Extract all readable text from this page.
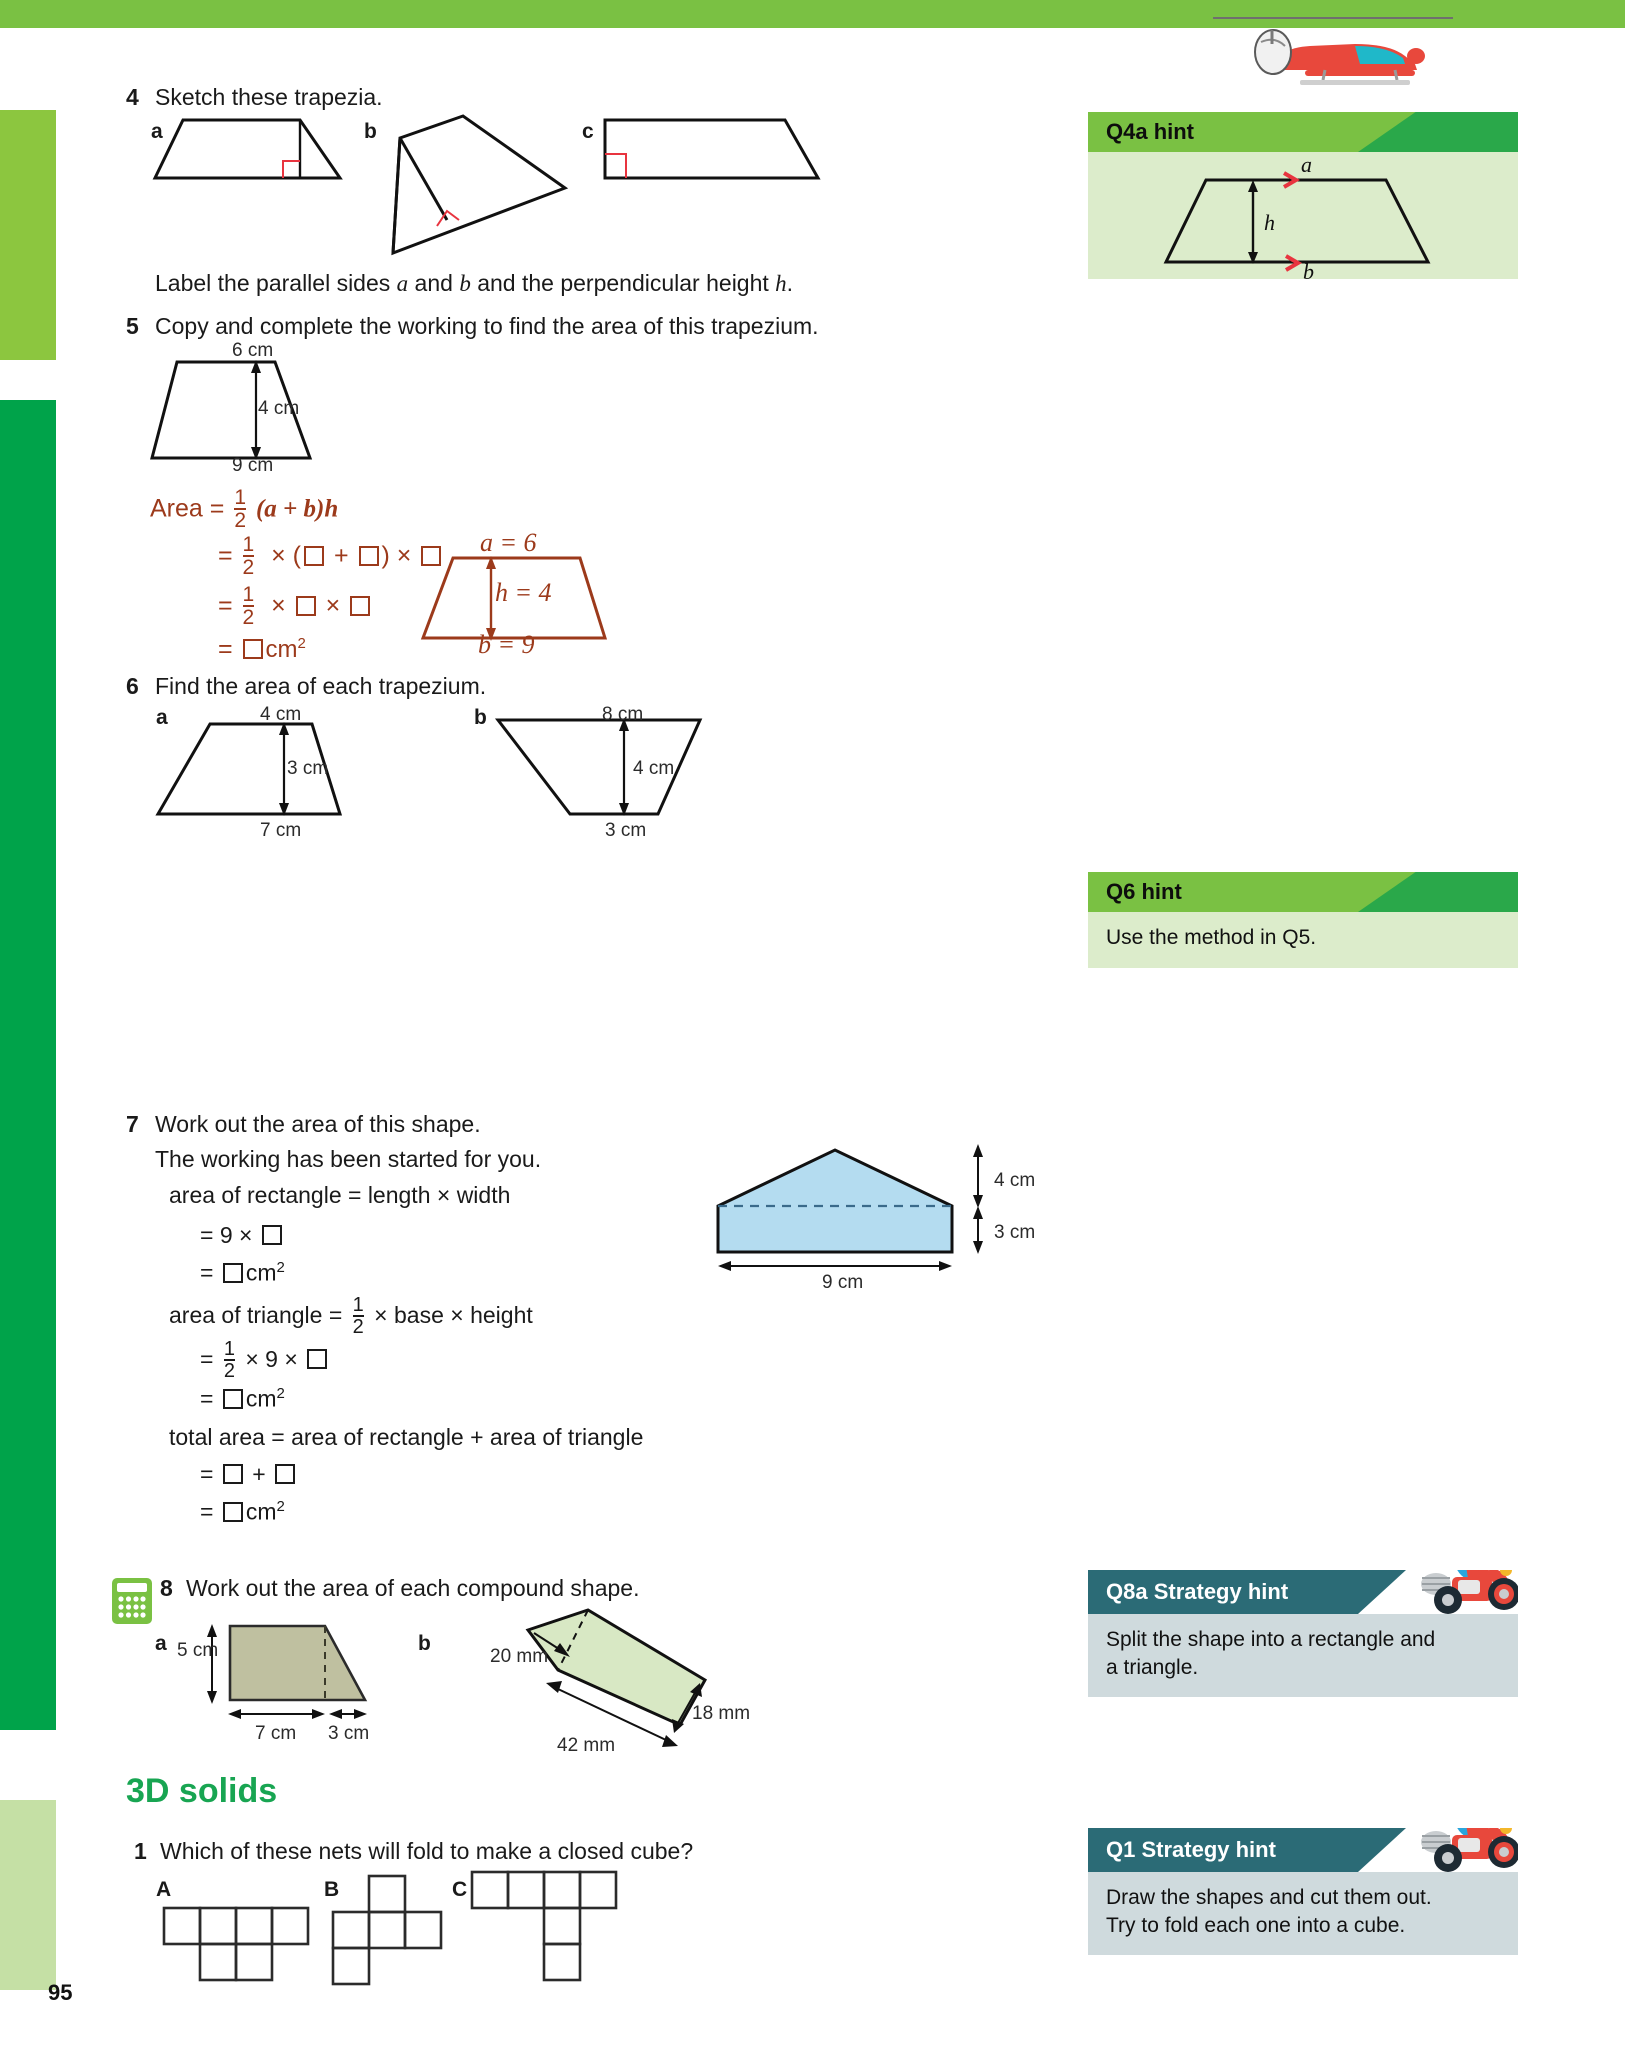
95
4 Sketch these trapezia.
a	b	c
Label the parallel sides a and b and the perpendicular height h.
Q4a hint
a
h
b
5 Copy and complete the working to find the area of this trapezium.
6 cm
4 cm
9 cm
Area = $\frac{1}{2} (a + b)h$
= $\frac{1}{2}$ × ( + ) ×
= $\frac{1}{2}$ ×  ×
= $cm^2$
a = 6
h = 4
b = 9
6 Find the area of each trapezium.
a	4 cm
3 cm
7 cm
b	8 cm
4 cm
3 cm
Q6 hint

Use the method in Q5.

7 Work out the area of this shape.
The working has been started for you.
area of rectangle = length × width
= 9 ×
= $cm^2$
area of triangle = $\frac{1}{2}$ × base × height
= $\frac{1}{2} \times 9$ ×
= $cm^2$
total area = area of rectangle + area of triangle
=  +
= $cm^2$
4 cm
3 cm
9 cm
8 Work out the area of each compound shape.
a 5 cm
7 cm 3 cm
b
20 mm
42 mm
18 mm
Q8a Strategy hint

Split the shape into a rectangle and

a triangle.

3D solids
1 Which of these nets will fold to make a closed cube?
A	B	C
Q1 Strategy hint

Draw the shapes and cut them out.

Try to fold each one into a cube.
